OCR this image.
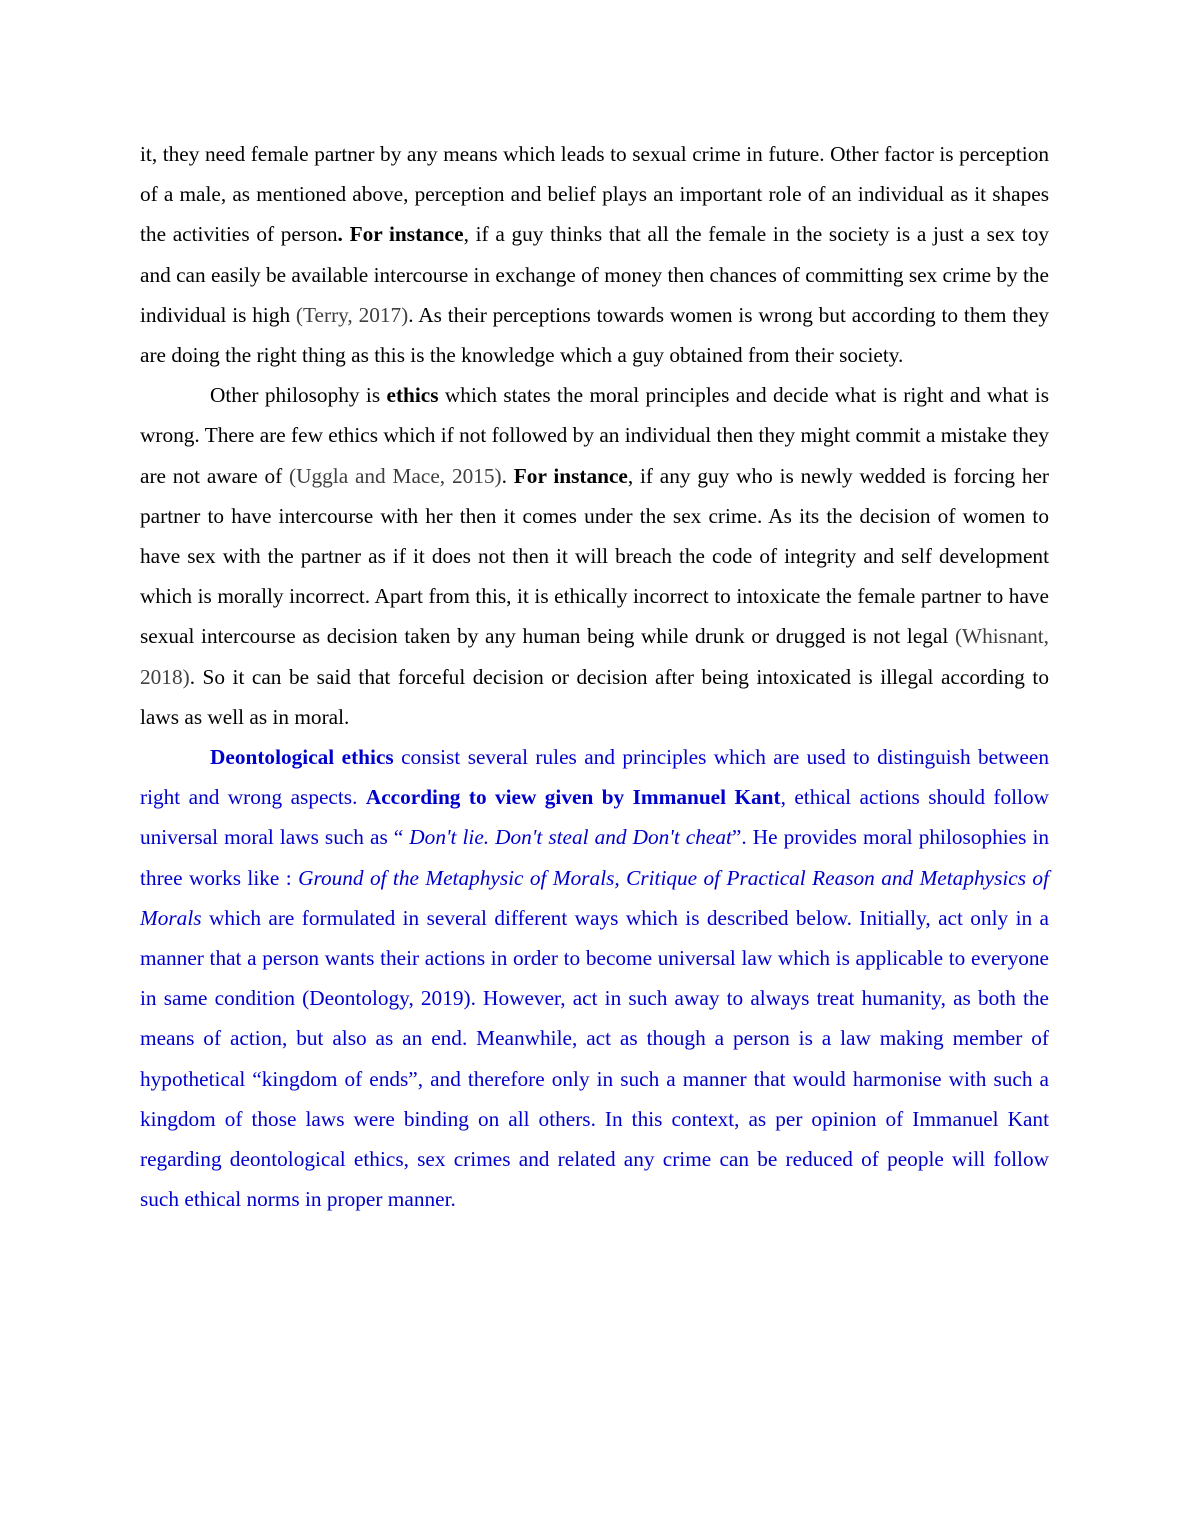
it, they need female partner by any means which leads to sexual crime in future. Other factor is perception of a male, as mentioned above, perception and belief plays an important role of an individual as it shapes the activities of person. For instance, if a guy thinks that all the female in the society is a just a sex toy and can easily be available intercourse in exchange of money then chances of committing sex crime by the individual is high (Terry, 2017). As their perceptions towards women is wrong but according to them they are doing the right thing as this is the knowledge which a guy obtained from their society.

Other philosophy is ethics which states the moral principles and decide what is right and what is wrong. There are few ethics which if not followed by an individual then they might commit a mistake they are not aware of (Uggla and Mace, 2015). For instance, if any guy who is newly wedded is forcing her partner to have intercourse with her then it comes under the sex crime. As its the decision of women to have sex with the partner as if it does not then it will breach the code of integrity and self development which is morally incorrect. Apart from this, it is ethically incorrect to intoxicate the female partner to have sexual intercourse as decision taken by any human being while drunk or drugged is not legal (Whisnant, 2018). So it can be said that forceful decision or decision after being intoxicated is illegal according to laws as well as in moral.

Deontological ethics consist several rules and principles which are used to distinguish between right and wrong aspects. According to view given by Immanuel Kant, ethical actions should follow universal moral laws such as “ Don't lie. Don't steal and Don't cheat”. He provides moral philosophies in three works like : Ground of the Metaphysic of Morals, Critique of Practical Reason and Metaphysics of Morals which are formulated in several different ways which is described below. Initially, act only in a manner that a person wants their actions in order to become universal law which is applicable to everyone in same condition (Deontology, 2019). However, act in such away to always treat humanity, as both the means of action, but also as an end. Meanwhile, act as though a person is a law making member of hypothetical “kingdom of ends”, and therefore only in such a manner that would harmonise with such a kingdom of those laws were binding on all others. In this context, as per opinion of Immanuel Kant regarding deontological ethics, sex crimes and related any crime can be reduced of people will follow such ethical norms in proper manner.
